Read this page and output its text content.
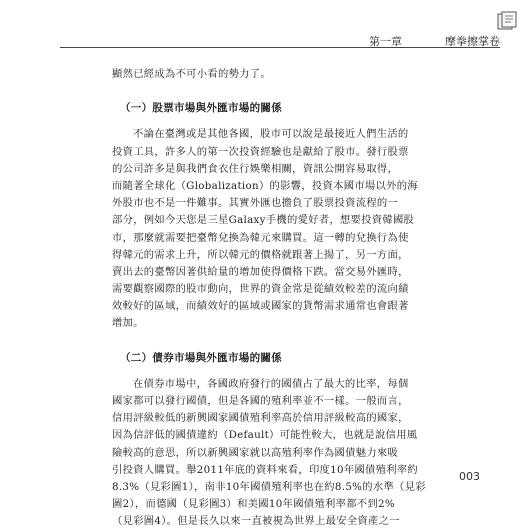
第一章	摩拳擦掌卷
顯然已經成為不可小看的勢力了。
（一）股票市場與外匯市場的關係
不論在臺灣或是其他各國，股市可以說是最接近人們生活的
投資工具，許多人的第一次投資經驗也是獻給了股市。發行股票
的公司許多是與我們食衣住行娛樂相關，資訊公開容易取得，
而隨著全球化（Globalization）的影響，投資本國市場以外的海
外股市也不是一件難事。其實外匯也擔負了股票投資流程的一
部分，例如今天您是三星Galaxy手機的愛好者，想要投資韓國股
市，那麼就需要把臺幣兌換為韓元來購買。這一轉的兌換行為使
得韓元的需求上升，所以韓元的價格就跟著上揚了，另一方面，
賣出去的臺幣因著供給量的增加使得價格下跌。當交易外匯時，
需要觀察國際的股市動向，世界的資金常是從績效較差的流向績
效較好的區域，而績效好的區域或國家的貨幣需求通常也會跟著
增加。
（二）債券市場與外匯市場的關係
在債券市場中，各國政府發行的國債占了最大的比率，每個
國家都可以發行國債，但是各國的殖利率並不一樣。一般而言，
信用評級較低的新興國家國債殖利率高於信用評級較高的國家，
因為信評低的國債違約（Default）可能性較大，也就是說信用風
險較高的意思，所以新興國家就以高殖利率作為國債魅力來吸
引投資人購買。舉2011年底的資料來看，印度10年國債殖利率約
8.3%（見彩圖1），南非10年國債殖利率也在約8.5%的水準（見彩
圖2），而德國（見彩圖3）和美國10年國債殖利率都不到2%
（見彩圖4）。但是長久以來一直被視為世界上最安全資產之一
003
